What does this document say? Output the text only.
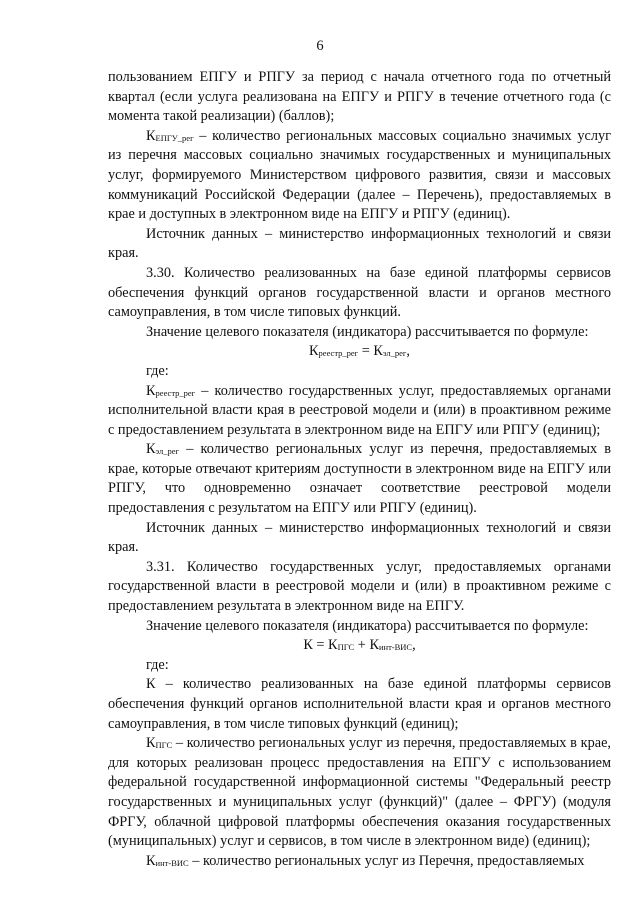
6

пользованием ЕПГУ и РПГУ за период с начала отчетного года по отчетный квартал (если услуга реализована на ЕПГУ и РПГУ в течение отчетного года (с момента такой реализации) (баллов);

$К_{ЕПГУ\_рег}$ – количество региональных массовых социально значимых услуг из перечня массовых социально значимых государственных и муниципальных услуг, формируемого Министерством цифрового развития, связи и массовых коммуникаций Российской Федерации (далее – Перечень), предоставляемых в крае и доступных в электронном виде на ЕПГУ и РПГУ (единиц).

Источник данных – министерство информационных технологий и связи края.

3.30. Количество реализованных на базе единой платформы сервисов обеспечения функций органов государственной власти и органов местного самоуправления, в том числе типовых функций.

Значение целевого показателя (индикатора) рассчитывается по формуле:

$К_{реестр\_рег} = К_{эл\_рег}$,

где:

$К_{реестр\_рег}$ – количество государственных услуг, предоставляемых органами исполнительной власти края в реестровой модели и (или) в проактивном режиме с предоставлением результата в электронном виде на ЕПГУ или РПГУ (единиц);

$К_{эл\_рег}$ – количество региональных услуг из перечня, предоставляемых в крае, которые отвечают критериям доступности в электронном виде на ЕПГУ или РПГУ, что одновременно означает соответствие реестровой модели предоставления с результатом на ЕПГУ или РПГУ (единиц).

Источник данных – министерство информационных технологий и связи края.

3.31. Количество государственных услуг, предоставляемых органами государственной власти в реестровой модели и (или) в проактивном режиме с предоставлением результата в электронном виде на ЕПГУ.

Значение целевого показателя (индикатора) рассчитывается по формуле:

$К = К_{ПГС} + К_{инт-ВИС}$,

где:

К – количество реализованных на базе единой платформы сервисов обеспечения функций органов исполнительной власти края и органов местного самоуправления, в том числе типовых функций (единиц);

$К_{ПГС}$ – количество региональных услуг из перечня, предоставляемых в крае, для которых реализован процесс предоставления на ЕПГУ с использованием федеральной государственной информационной системы "Федеральный реестр государственных и муниципальных услуг (функций)" (далее – ФРГУ) (модуля ФРГУ, облачной цифровой платформы обеспечения оказания государственных (муниципальных) услуг и сервисов, в том числе в электронном виде) (единиц);

$К_{инт-ВИС}$ – количество региональных услуг из Перечня, предоставляемых
